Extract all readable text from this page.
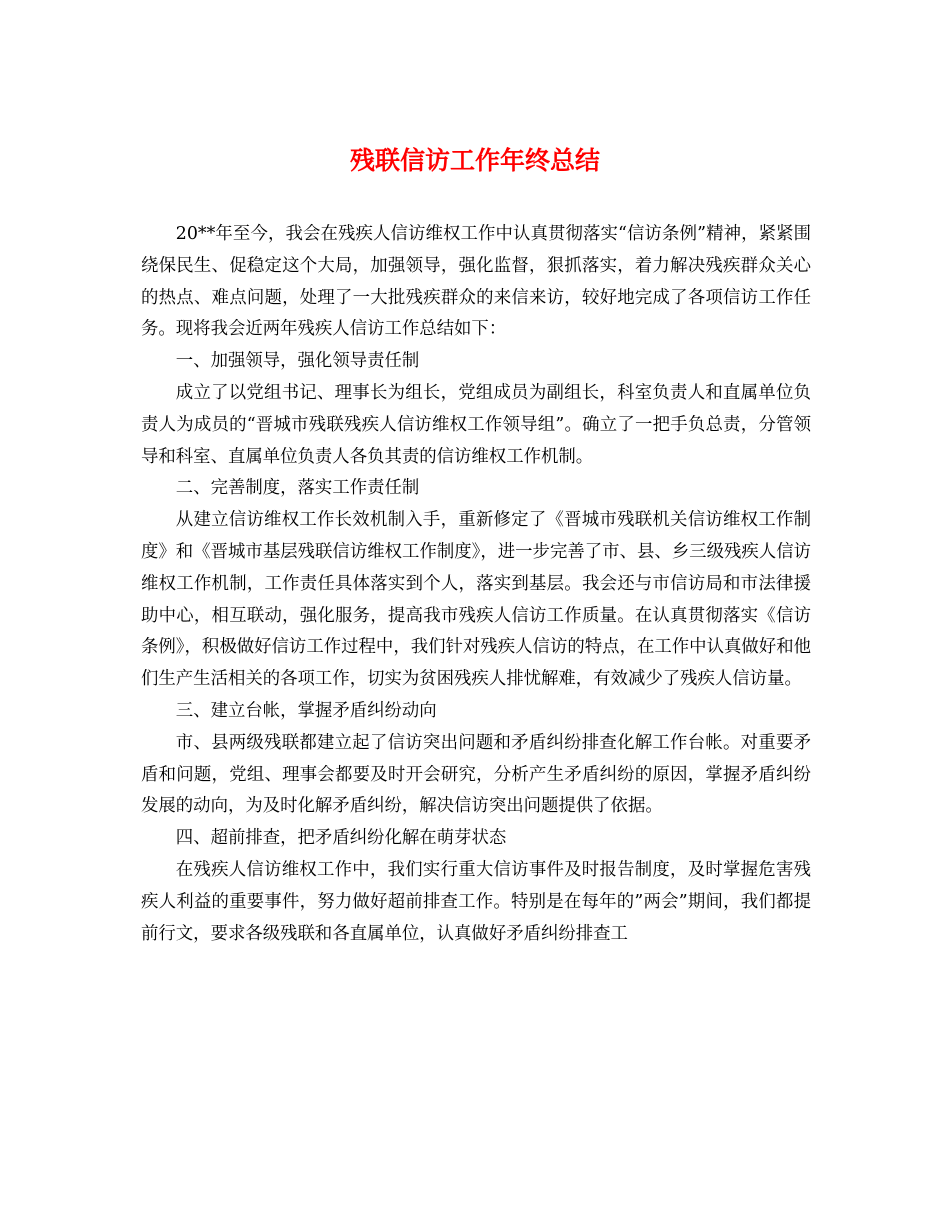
残联信访工作年终总结

20**年至今，我会在残疾人信访维权工作中认真贯彻落实“信访条例”精神，紧紧围绕保民生、促稳定这个大局，加强领导，强化监督，狠抓落实，着力解决残疾群众关心的热点、难点问题，处理了一大批残疾群众的来信来访，较好地完成了各项信访工作任务。现将我会近两年残疾人信访工作总结如下：

一、加强领导，强化领导责任制

成立了以党组书记、理事长为组长，党组成员为副组长，科室负责人和直属单位负责人为成员的“晋城市残联残疾人信访维权工作领导组”。确立了一把手负总责，分管领导和科室、直属单位负责人各负其责的信访维权工作机制。

二、完善制度，落实工作责任制

从建立信访维权工作长效机制入手，重新修定了《晋城市残联机关信访维权工作制度》和《晋城市基层残联信访维权工作制度》，进一步完善了市、县、乡三级残疾人信访维权工作机制，工作责任具体落实到个人，落实到基层。我会还与市信访局和市法律援助中心，相互联动，强化服务，提高我市残疾人信访工作质量。在认真贯彻落实《信访条例》，积极做好信访工作过程中，我们针对残疾人信访的特点，在工作中认真做好和他们生产生活相关的各项工作，切实为贫困残疾人排忧解难，有效减少了残疾人信访量。

三、建立台帐，掌握矛盾纠纷动向

市、县两级残联都建立起了信访突出问题和矛盾纠纷排查化解工作台帐。对重要矛盾和问题，党组、理事会都要及时开会研究，分析产生矛盾纠纷的原因，掌握矛盾纠纷发展的动向，为及时化解矛盾纠纷，解决信访突出问题提供了依据。

四、超前排查，把矛盾纠纷化解在萌芽状态

在残疾人信访维权工作中，我们实行重大信访事件及时报告制度，及时掌握危害残疾人利益的重要事件，努力做好超前排查工作。特别是在每年的”两会”期间，我们都提前行文，要求各级残联和各直属单位，认真做好矛盾纠纷排查工
